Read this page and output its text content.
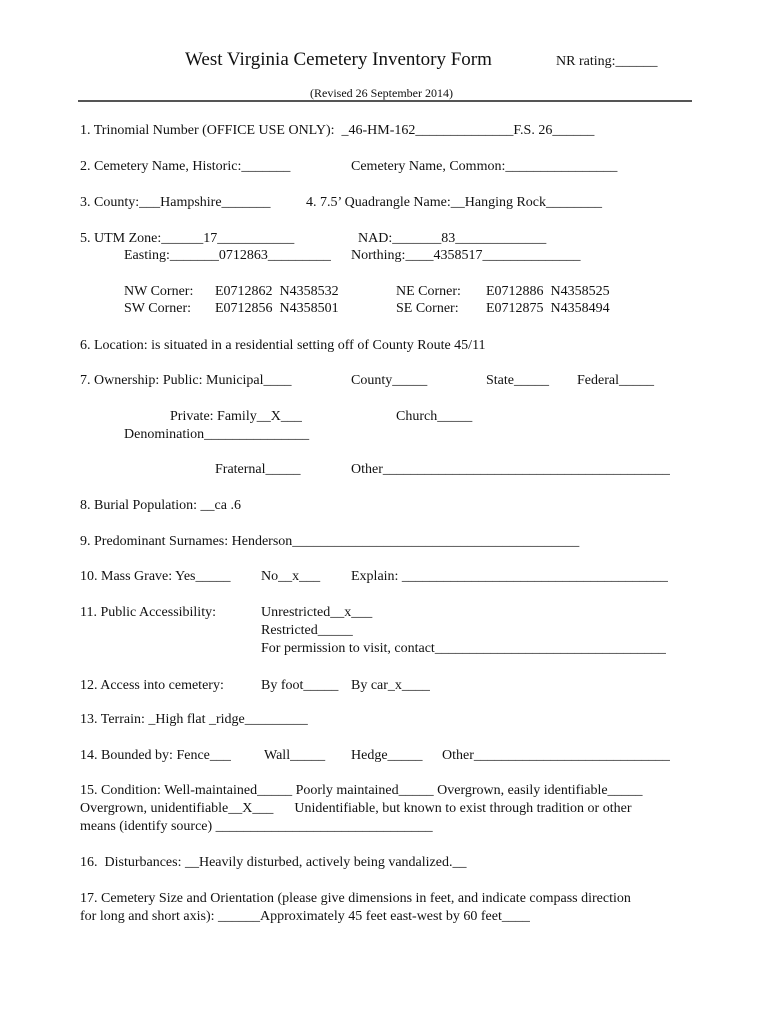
West Virginia Cemetery Inventory Form	NR rating:______
(Revised 26 September 2014)
1. Trinomial Number (OFFICE USE ONLY):  _46-HM-162______________F.S. 26______
2. Cemetery Name, Historic:_______	Cemetery Name, Common:________________
3. County:___Hampshire_______	4. 7.5’ Quadrangle Name:__Hanging Rock________
5. UTM Zone:______17___________	NAD:_______83_____________
Easting:_______0712863_________ Northing:____4358517______________
NW Corner: E0712862  N4358532	NE Corner: E0712886  N4358525
SW Corner: E0712856  N4358501	SE Corner: E0712875  N4358494
6. Location: is situated in a residential setting off of County Route 45/11
7. Ownership: Public: Municipal____	County_____	State_____ Federal_____
Private: Family__X___	Church_____
Denomination_______________
Fraternal_____	Other_________________________________________
8. Burial Population: __ca .6
9. Predominant Surnames: Henderson_________________________________________
10. Mass Grave: Yes_____ No__x___ Explain: ______________________________________
11. Public Accessibility:	Unrestricted__x___
Restricted_____
For permission to visit, contact_________________________________
12. Access into cemetery:	By foot_____ By car_x____
13. Terrain: _High flat _ridge_________
14. Bounded by: Fence___ Wall_____ Hedge_____ Other____________________________
15. Condition: Well-maintained_____ Poorly maintained_____ Overgrown, easily identifiable_____
Overgrown, unidentifiable__X___      Unidentifiable, but known to exist through tradition or other
means (identify source) _______________________________
16.  Disturbances: __Heavily disturbed, actively being vandalized.__
17. Cemetery Size and Orientation (please give dimensions in feet, and indicate compass direction
for long and short axis): ______Approximately 45 feet east-west by 60 feet____
